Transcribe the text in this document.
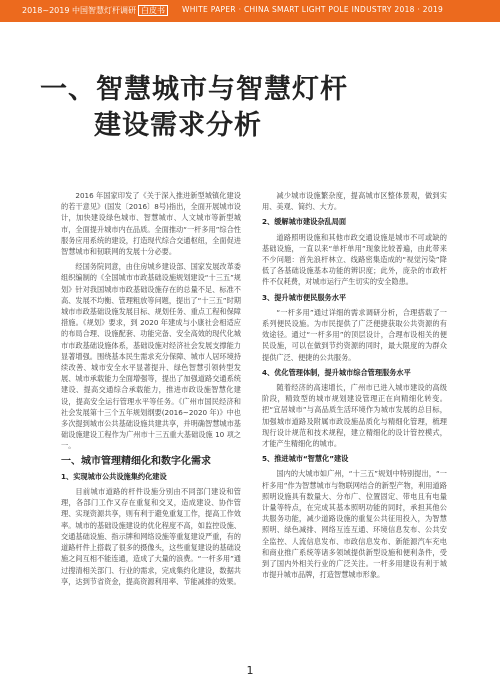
2018~2019 中国智慧灯杆调研 白皮书	WHITE PAPER · CHINA SMART LIGHT POLE INDUSTRY 2018 · 2019
一、智慧城市与智慧灯杆
建设需求分析

2016 年国家印发了《关于深入推进新型城镇化建设的若干意见》(国发〔2016〕8号)指出，全面开展城市设计，加快建设绿色城市、智慧城市、人文城市等新型城市，全面提升城市内在品质。全面推动“一杆多用”综合性服务应用系统的建设，打造现代综合交通枢纽，全面促进智慧城市和韧联网的发展十分必要。

经国务院同意，由住房城乡建设部、国家发展改革委组织编制的《全国城市市政基础设施规划建设“十三五”规划》针对我国城市市政基础设施存在的总量不足、标准不高、发展不均衡、管理粗放等问题，提出了“十三五”时期城市市政基础设施发展目标、规划任务、重点工程和保障措施。《规划》要求，到 2020 年建成与小康社会相适应的布局合理、设施配套、功能完备、安全高效的现代化城市市政基础设施体系，基础设施对经济社会发展支撑能力显著增强。围绕基本民生需求充分保障、城市人居环境持续改善、城市安全水平显著提升、绿色智慧引领转型发展、城市承载能力全面增强等，提出了加强道路交通系统建设、提高交通综合承载能力，推进市政设施智慧化建设，提高安全运行管理水平等任务。《广州市国民经济和社会发展第十三个五年规划纲要(2016~2020 年)》中也多次提到城市公共基础设施共建共享，并明确智慧城市基础设施建设工程作为广州市十三五重大基础设施 10 项之一。

一、城市管理精细化和数字化需求

1、实现城市公共设施集约化建设

目前城市道路的杆件设施分别由不同部门建设和管理，各部门工作又存在重复和交叉，造成建设、协作管理、实现资源共享，则有利于避免重复工作，提高工作效率。城市的基础设施建设的优化程度不高，如监控设施、交通基础设施、指示牌和网络设施等重复建设严重，有的道路杆件上搭载了很多的摄像头，这些重复建设的基础设施之间互相不能连通，造成了大量的浪费。“一杆多用”通过搜清相关部门、行业的需求，完成集约化建设，数据共享，达到节省资金，提高资源利用率、节能减排的效果。

减少城市设施繁杂度，提高城市区整体景观，做到实用、美观、简约、大方。

2、缓解城市建设杂乱局面

道路照明设施和其他市政交通设施是城市不可或缺的基础设施，一直以来“单杆单用”现象比较普遍，由此带来不少问题：首先浪杆林立、线路密集造成的“视觉污染”降低了各基础设施基本功能的辨识度；此外，庞杂的市政杆件不仅耗费，对城市运行产生切实的安全隐患。

3、提升城市便民服务水平

“一杆多用”通过详细的需求调研分析，合理搭载了一系列便民设施。为市民提供了广泛便捷获取公共资源的有效途径。通过“一杆多用”的顶层设计，合理布设相关的便民设施，可以在做到节约资源的同时，最大限度的为群众提供广泛、便捷的公共服务。

4、优化管理体制，提升城市综合管理服务水平

随着经济的高速增长，广州市已进入城市建设的高级阶段，精致型的城市规划建设管理正在向精细化转变。把“宜居城市”与高品质生活环境作为城市发展的总目标，加强城市道路及附属市政设施品质化与精细化管理，梳理现行设计规范和技术规程，建立精细化的设计管控模式，才能产生精细化的城市。

5、推进城市“智慧化”建设

国内的大城市如广州，“十三五”规划中特别提出，“一杆多用”作为智慧城市与物联网结合的新型产物，利用道路照明设施具有数量大、分布广、位置固定、带电且有电量计量等特点，在完成其基本照明功能的同时，承担其他公共服务功能，减少道路设施的重复公共征用投入，为智慧照明、绿色减排、网络互连互通、环境信息发布、公共安全监控、人流信息发布、市政信息发布、新能源汽车充电和商业推广系统等诸多领域提供新型设施和便利条件，受到了国内外相关行业的广泛关注。一杆多用建设有利于城市提升城市品牌，打造智慧城市形象。

1
